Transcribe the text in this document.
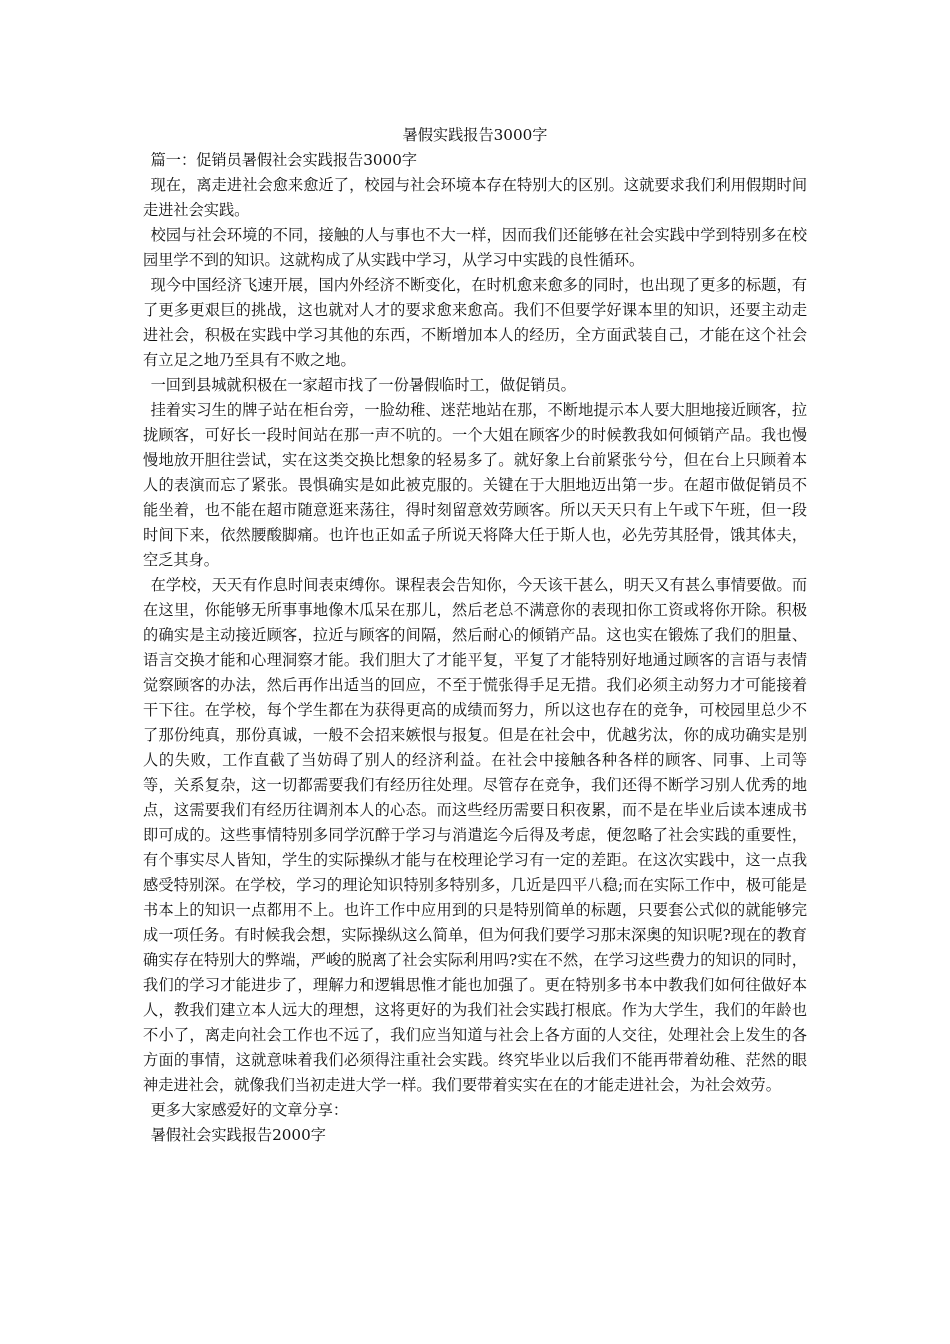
暑假实践报告3000字

篇一：促销员暑假社会实践报告3000字

现在，离走进社会愈来愈近了，校园与社会环境本存在特别大的区别。这就要求我们利用假期时间走进社会实践。

校园与社会环境的不同，接触的人与事也不大一样，因而我们还能够在社会实践中学到特别多在校园里学不到的知识。这就构成了从实践中学习，从学习中实践的良性循环。

现今中国经济飞速开展，国内外经济不断变化，在时机愈来愈多的同时，也出现了更多的标题，有了更多更艰巨的挑战，这也就对人才的要求愈来愈高。我们不但要学好课本里的知识，还要主动走进社会，积极在实践中学习其他的东西，不断增加本人的经历，全方面武装自己，才能在这个社会有立足之地乃至具有不败之地。

一回到县城就积极在一家超市找了一份暑假临时工，做促销员。

挂着实习生的牌子站在柜台旁，一脸幼稚、迷茫地站在那，不断地提示本人要大胆地接近顾客，拉拢顾客，可好长一段时间站在那一声不吭的。一个大姐在顾客少的时候教我如何倾销产品。我也慢慢地放开胆往尝试，实在这类交换比想象的轻易多了。就好象上台前紧张兮兮，但在台上只顾着本人的表演而忘了紧张。畏惧确实是如此被克服的。关键在于大胆地迈出第一步。在超市做促销员不能坐着，也不能在超市随意逛来荡往，得时刻留意效劳顾客。所以天天只有上午或下午班，但一段时间下来，依然腰酸脚痛。也许也正如孟子所说天将降大任于斯人也，必先劳其胫骨，饿其体夫，空乏其身。

在学校，天天有作息时间表束缚你。课程表会告知你，今天该干甚么，明天又有甚么事情要做。而在这里，你能够无所事事地像木瓜呆在那儿，然后老总不满意你的表现扣你工资或将你开除。积极的确实是主动接近顾客，拉近与顾客的间隔，然后耐心的倾销产品。这也实在锻炼了我们的胆量、语言交换才能和心理洞察才能。我们胆大了才能平复，平复了才能特别好地通过顾客的言语与表情觉察顾客的办法，然后再作出适当的回应，不至于慌张得手足无措。我们必须主动努力才可能接着干下往。在学校，每个学生都在为获得更高的成绩而努力，所以这也存在的竞争，可校园里总少不了那份纯真，那份真诚，一般不会招来嫉恨与报复。但是在社会中，优越劣汰，你的成功确实是别人的失败，工作直截了当妨碍了别人的经济利益。在社会中接触各种各样的顾客、同事、上司等等，关系复杂，这一切都需要我们有经历往处理。尽管存在竞争，我们还得不断学习别人优秀的地点，这需要我们有经历往调剂本人的心态。而这些经历需要日积夜累，而不是在毕业后读本速成书即可成的。这些事情特别多同学沉醉于学习与消遣迄今后得及考虑，便忽略了社会实践的重要性，有个事实尽人皆知，学生的实际操纵才能与在校理论学习有一定的差距。在这次实践中，这一点我感受特别深。在学校，学习的理论知识特别多特别多，几近是四平八稳;而在实际工作中，极可能是书本上的知识一点都用不上。也许工作中应用到的只是特别简单的标题，只要套公式似的就能够完成一项任务。有时候我会想，实际操纵这么简单，但为何我们要学习那末深奥的知识呢?现在的教育确实存在特别大的弊端，严峻的脱离了社会实际利用吗?实在不然，在学习这些费力的知识的同时，我们的学习才能进步了，理解力和逻辑思惟才能也加强了。更在特别多书本中教我们如何往做好本人，教我们建立本人远大的理想，这将更好的为我们社会实践打根底。作为大学生，我们的年龄也不小了，离走向社会工作也不远了，我们应当知道与社会上各方面的人交往，处理社会上发生的各方面的事情，这就意味着我们必须得注重社会实践。终究毕业以后我们不能再带着幼稚、茫然的眼神走进社会，就像我们当初走进大学一样。我们要带着实实在在的才能走进社会，为社会效劳。

更多大家感爱好的文章分享：

暑假社会实践报告2000字
